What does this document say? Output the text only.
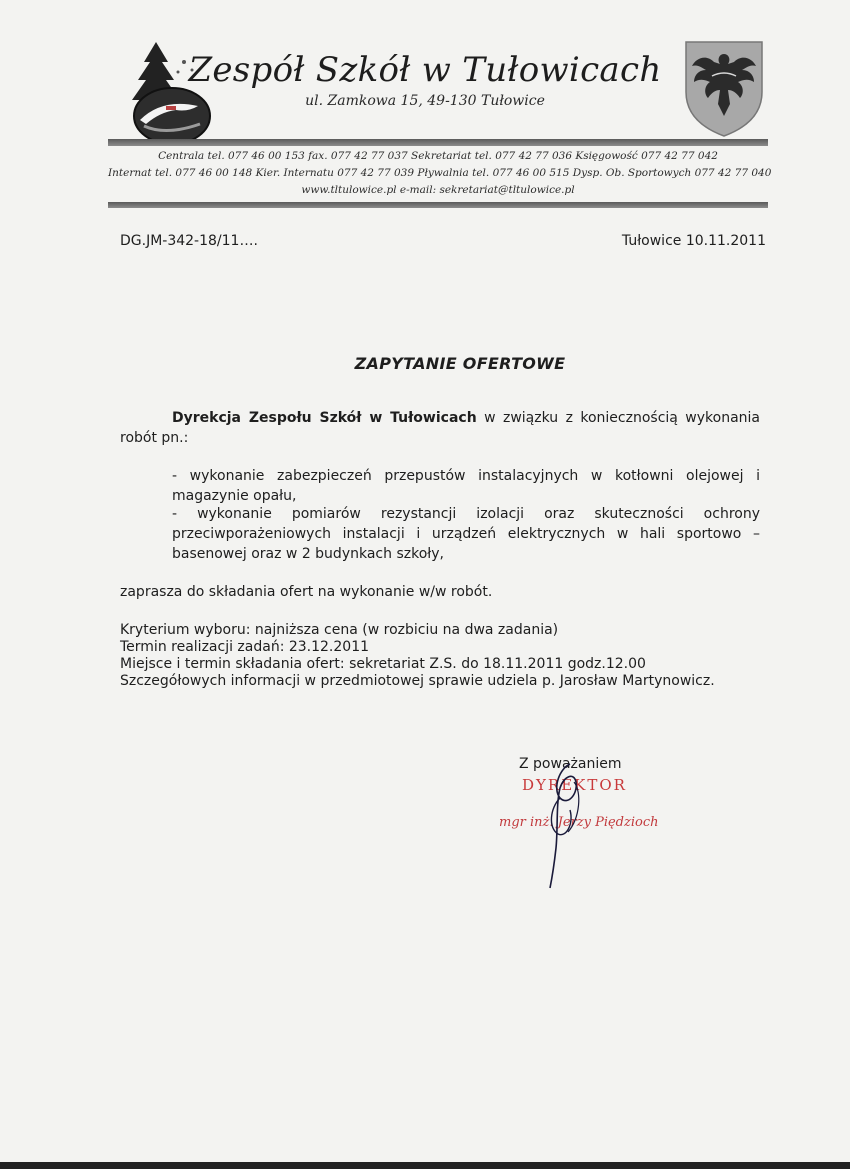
Zespół Szkół w Tułowicach
ul. Zamkowa 15, 49-130 Tułowice
Centrala tel. 077 46 00 153 fax. 077 42 77 037 Sekretariat tel. 077 42 77 036 Księgowość 077 42 77 042
Internat tel. 077 46 00 148 Kier. Internatu 077 42 77 039 Pływalnia tel. 077 46 00 515 Dysp. Ob. Sportowych 077 42 77 040
www.tltulowice.pl e-mail: sekretariat@tltulowice.pl
DG.JM-342-18/11….	Tułowice 10.11.2011
ZAPYTANIE OFERTOWE
Dyrekcja Zespołu Szkół w Tułowicach w związku z koniecznością wykonania robót pn.:
- wykonanie zabezpieczeń przepustów instalacyjnych w kotłowni olejowej i magazynie opału,
- wykonanie pomiarów rezystancji izolacji oraz skuteczności ochrony przeciwporażeniowych instalacji i urządzeń elektrycznych w hali sportowo – basenowej oraz w 2 budynkach szkoły,
zaprasza do składania ofert na wykonanie w/w robót.
Kryterium wyboru: najniższa cena (w rozbiciu na dwa zadania)
Termin realizacji zadań: 23.12.2011
Miejsce i termin składania ofert: sekretariat Z.S. do 18.11.2011 godz.12.00
Szczegółowych informacji w przedmiotowej sprawie udziela p. Jarosław Martynowicz.
Z poważaniem
DYREKTOR
mgr inż. Jerzy Piędzioch
